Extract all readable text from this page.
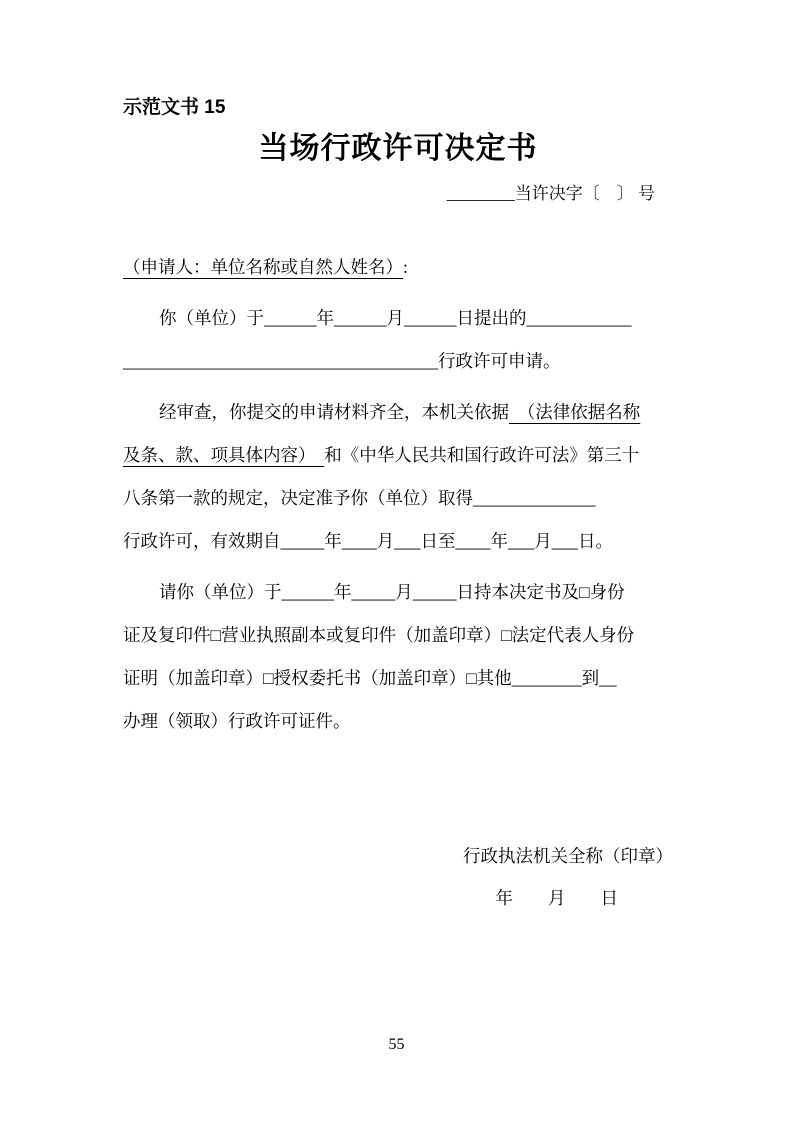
示范文书 15
当场行政许可决定书
________当许决字〔　〕 号
（申请人：单位名称或自然人姓名）:
你（单位）于______年______月______日提出的____________
____________________________________行政许可申请。
经审查，你提交的申请材料齐全，本机关依据　（法律依据名称
及条、款、项具体内容）　和《中华人民共和国行政许可法》第三十
八条第一款的规定，决定准予你（单位）取得______________
行政许可，有效期自_____年____月___日至____年___月___日。
请你（单位）于______年_____月_____日持本决定书及□身份
证及复印件□营业执照副本或复印件（加盖印章）□法定代表人身份
证明（加盖印章）□授权委托书（加盖印章）□其他________到__
办理（领取）行政许可证件。
行政执法机关全称（印章）
年　　月　　日
55
